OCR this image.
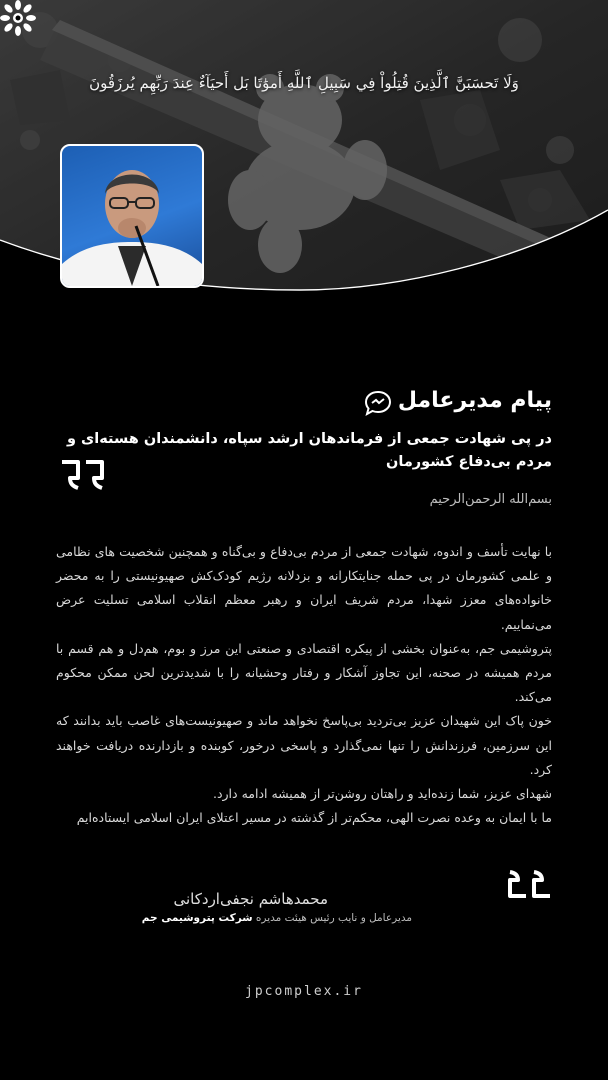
وَلَا تَحسَبَنَّ ٱلَّذِينَ قُتِلُواْ فِي سَبِيلِ ٱللَّهِ أَموَٰتَا بَل أَحيَآءٌ عِندَ رَبِّهِم يُرزَقُونَ
پیام مدیرعامل
در پی شهادت جمعی از فرماندهان ارشد سپاه، دانشمندان هسته‌ای و مردم بی‌دفاع کشورمان
بسم‌الله الرحمن‌الرحیم

با نهایت تأسف و اندوه، شهادت جمعی از مردم بی‌دفاع و بی‌گناه و همچنین شخصیت های نظامی و علمی کشورمان در پی حمله جنایتکارانه و بزدلانه رژیم کودک‌کش صهیونیستی را به محضر خانواده‌های معزز شهدا، مردم شریف ایران و رهبر معظم انقلاب اسلامی تسلیت عرض می‌نماییم.

پتروشیمی جم، به‌عنوان بخشی از پیکره اقتصادی و صنعتی این مرز و بوم، هم‌دل و هم قسم با مردم همیشه در صحنه، این تجاوز آشکار و رفتار وحشیانه را با شدیدترین لحن ممکن محکوم می‌کند.

خون پاک این شهیدان عزیز بی‌تردید بی‌پاسخ نخواهد ماند و صهیونیست‌های غاصب باید بدانند که این سرزمین، فرزندانش را تنها نمی‌گذارد و پاسخی درخور، کوبنده و بازدارنده دریافت خواهند کرد.

شهدای عزیز، شما زنده‌اید و راهتان روشن‌تر از همیشه ادامه دارد.

ما با ایمان به وعده نصرت الهی، محکم‌تر از گذشته در مسیر اعتلای ایران اسلامی ایستاده‌ایم

محمدهاشم نجفی‌اردکانی
مدیرعامل و نایب رئیس هیئت مدیره شرکت پتروشیمی جم
jpcomplex.ir
